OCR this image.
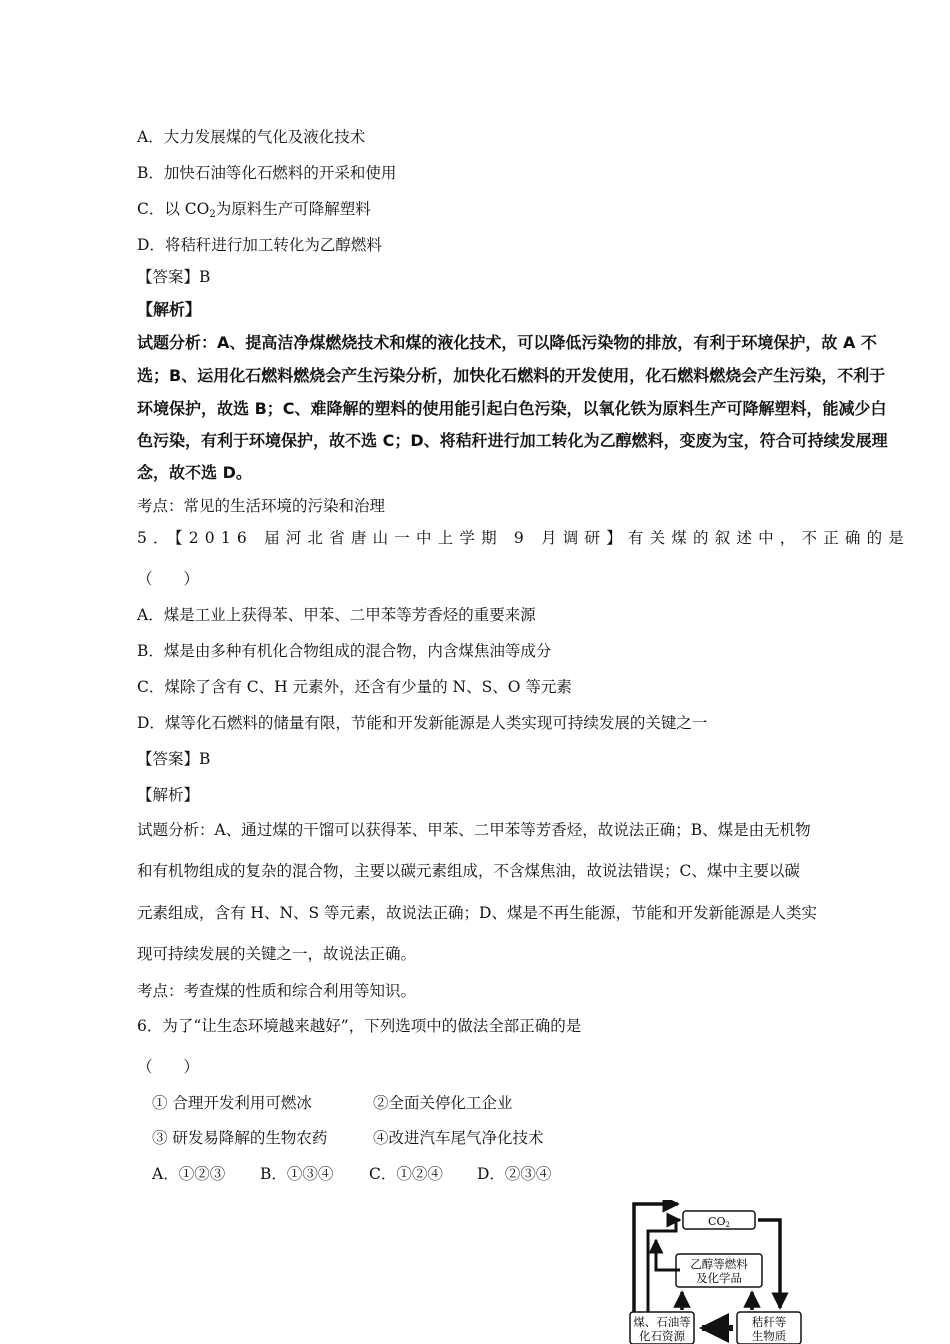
A．大力发展煤的气化及液化技术
B．加快石油等化石燃料的开采和使用
C．以 $CO_2$为原料生产可降解塑料
D．将秸秆进行加工转化为乙醇燃料
【答案】B
【解析】
试题分析：A、提高洁净煤燃烧技术和煤的液化技术，可以降低污染物的排放，有利于环境保护，故 A 不
选；B、运用化石燃料燃烧会产生污染分析，加快化石燃料的开发使用，化石燃料燃烧会产生污染，不利于
环境保护，故选 B；C、难降解的塑料的使用能引起白色污染，以氧化铁为原料生产可降解塑料，能减少白
色污染，有利于环境保护，故不选 C；D、将秸秆进行加工转化为乙醇燃料，变废为宝，符合可持续发展理
念，故不选 D。
考点：常见的生活环境的污染和治理
5．【2016 届河北省唐山一中上学期 9 月调研】有关煤的叙述中，不正确的是
（　　）
A．煤是工业上获得苯、甲苯、二甲苯等芳香烃的重要来源
B．煤是由多种有机化合物组成的混合物，内含煤焦油等成分
C．煤除了含有 C、H 元素外，还含有少量的 N、S、O 等元素
D．煤等化石燃料的储量有限，节能和开发新能源是人类实现可持续发展的关键之一
【答案】B
【解析】
试题分析：A、通过煤的干馏可以获得苯、甲苯、二甲苯等芳香烃，故说法正确；B、煤是由无机物
和有机物组成的复杂的混合物，主要以碳元素组成，不含煤焦油，故说法错误；C、煤中主要以碳
元素组成，含有 H、N、S 等元素，故说法正确；D、煤是不再生能源，节能和开发新能源是人类实
现可持续发展的关键之一，故说法正确。
考点：考查煤的性质和综合利用等知识。
6．为了“让生态环境越来越好”，下列选项中的做法全部正确的是
（　　）
① 合理开发利用可燃冰	②全面关停化工企业
③ 研发易降解的生物农药	④改进汽车尾气净化技术
A．①②③ B．①③④ C．①②④ D．②③④
CO2
乙醇等燃料
及化学品
煤、石油等
化石资源
秸秆等
生物质
